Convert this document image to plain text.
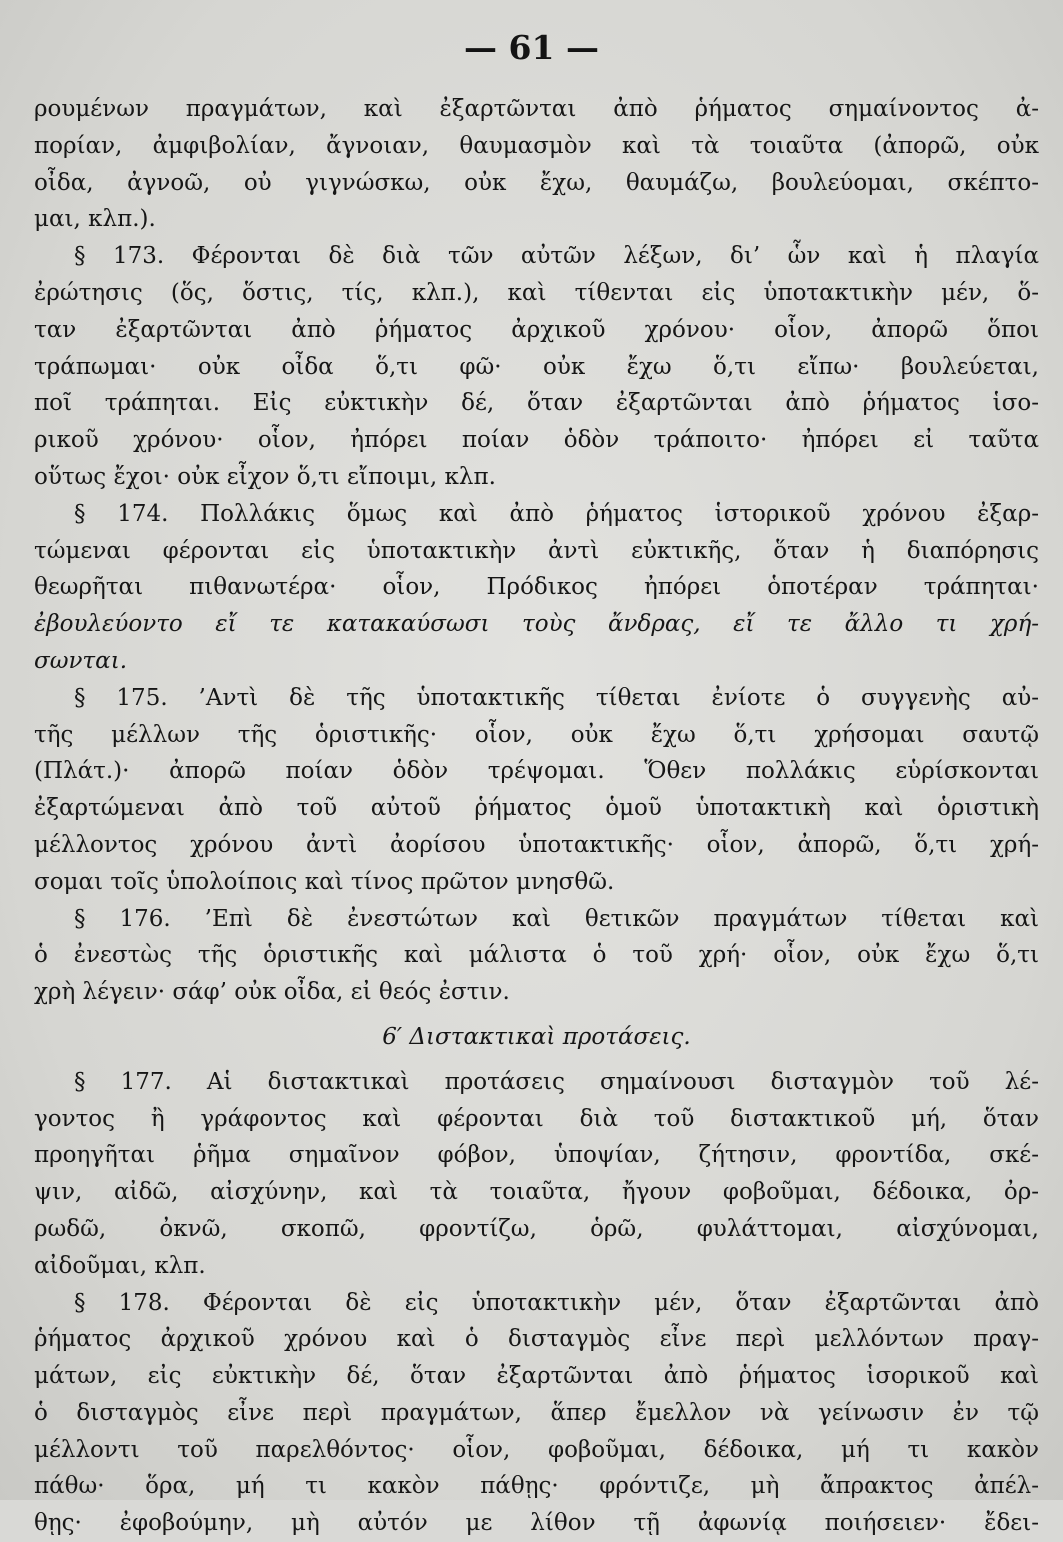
— 61 —
ρουμένων πραγμάτων, καὶ ἐξαρτῶνται ἀπὸ ῥήματος σημαίνοντος ἀ-
πορίαν, ἀμφιβολίαν, ἄγνοιαν, θαυμασμὸν καὶ τὰ τοιαῦτα (ἀπορῶ, οὐκ
οἶδα, ἀγνοῶ, οὐ γιγνώσκω, οὐκ ἔχω, θαυμάζω, βουλεύομαι, σκέπτο-
μαι, κλπ.).
§ 173. Φέρονται δὲ διὰ τῶν αὐτῶν λέξων, δι’ ὧν καὶ ἡ πλαγία
ἐρώτησις (ὅς, ὅστις, τίς, κλπ.), καὶ τίθενται εἰς ὑποτακτικὴν μέν, ὅ-
ταν ἐξαρτῶνται ἀπὸ ῥήματος ἀρχικοῦ χρόνου· οἷον, ἀπορῶ ὅποι
τράπωμαι· οὐκ οἶδα ὅ,τι φῶ· οὐκ ἔχω ὅ,τι εἴπω· βουλεύεται,
ποῖ τράπηται. Εἰς εὐκτικὴν δέ, ὅταν ἐξαρτῶνται ἀπὸ ῥήματος ἱσο-
ρικοῦ χρόνου· οἷον, ἠπόρει ποίαν ὁδὸν τράποιτο· ἠπόρει εἰ ταῦτα
οὕτως ἔχοι· οὐκ εἶχον ὅ,τι εἴποιμι, κλπ.
§ 174. Πολλάκις ὅμως καὶ ἀπὸ ῥήματος ἱστορικοῦ χρόνου ἐξαρ-
τώμεναι φέρονται εἰς ὑποτακτικὴν ἀντὶ εὐκτικῆς, ὅταν ἡ διαπόρησις
θεωρῆται πιθανωτέρα· οἷον, Πρόδικος ἠπόρει ὁποτέραν τράπηται·
ἐβουλεύοντο εἴ τε κατακαύσωσι τοὺς ἄνδρας, εἴ τε ἄλλο τι χρή-
σωνται.
§ 175. ’Αντὶ δὲ τῆς ὑποτακτικῆς τίθεται ἐνίοτε ὁ συγγενὴς αὐ-
τῆς μέλλων τῆς ὁριστικῆς· οἷον, οὐκ ἔχω ὅ,τι χρήσομαι σαυτῷ
(Πλάτ.)· ἀπορῶ ποίαν ὁδὸν τρέψομαι. Ὅθεν πολλάκις εὑρίσκονται
ἐξαρτώμεναι ἀπὸ τοῦ αὐτοῦ ῥήματος ὁμοῦ ὑποτακτικὴ καὶ ὁριστικὴ
μέλλοντος χρόνου ἀντὶ ἀορίσου ὑποτακτικῆς· οἷον, ἀπορῶ, ὅ,τι χρή-
σομαι τοῖς ὑπολοίποις καὶ τίνος πρῶτον μνησθῶ.
§ 176. ’Επὶ δὲ ἐνεστώτων καὶ θετικῶν πραγμάτων τίθεται καὶ
ὁ ἐνεστὼς τῆς ὁριστικῆς καὶ μάλιστα ὁ τοῦ χρή· οἷον, οὐκ ἔχω ὅ,τι
χρὴ λέγειν· σάφ’ οὐκ οἶδα, εἰ θεός ἐστιν.
6′ Διστακτικαὶ προτάσεις.
§ 177. Αἱ διστακτικαὶ προτάσεις σημαίνουσι δισταγμὸν τοῦ λέ-
γοντος ἢ γράφοντος καὶ φέρονται διὰ τοῦ διστακτικοῦ μή, ὅταν
προηγῆται ῥῆμα σημαῖνον φόβον, ὑποψίαν, ζήτησιν, φροντίδα, σκέ-
ψιν, αἰδῶ, αἰσχύνην, καὶ τὰ τοιαῦτα, ἤγουν φοβοῦμαι, δέδοικα, ὀρ-
ρωδῶ, ὀκνῶ, σκοπῶ, φροντίζω, ὁρῶ, φυλάττομαι, αἰσχύνομαι,
αἰδοῦμαι, κλπ.
§ 178. Φέρονται δὲ εἰς ὑποτακτικὴν μέν, ὅταν ἐξαρτῶνται ἀπὸ
ῥήματος ἀρχικοῦ χρόνου καὶ ὁ δισταγμὸς εἶνε περὶ μελλόντων πραγ-
μάτων, εἰς εὐκτικὴν δέ, ὅταν ἐξαρτῶνται ἀπὸ ῥήματος ἱσορικοῦ καὶ
ὁ δισταγμὸς εἶνε περὶ πραγμάτων, ἅπερ ἔμελλον νὰ γείνωσιν ἐν τῷ
μέλλοντι τοῦ παρελθόντος· οἷον, φοβοῦμαι, δέδοικα, μή τι κακὸν
πάθω· ὅρα, μή τι κακὸν πάθῃς· φρόντιζε, μὴ ἄπρακτος ἀπέλ-
θῃς· ἐφοβούμην, μὴ αὐτόν με λίθον τῇ ἀφωνίᾳ ποιήσειεν· ἔδει-
